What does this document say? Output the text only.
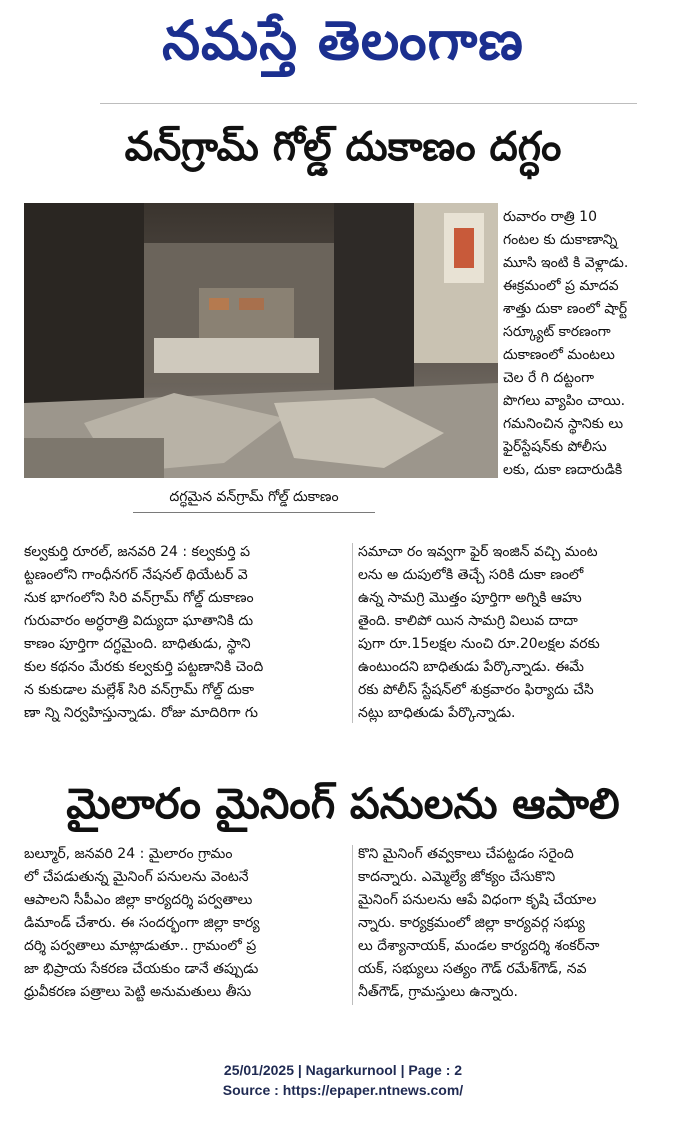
నమస్తే తెలంగాణ
వన్‌గ్రామ్ గోల్డ్ దుకాణం దగ్ధం
దగ్ధమైన వన్‌గ్రామ్ గోల్డ్ దుకాణం
రువారం రాత్రి 10
గంటల కు దుకాణాన్ని
మూసి ఇంటి కి వెళ్లాడు.
ఈక్రమంలో ప్ర మాదవ
శాత్తు దుకా ణంలో షార్ట్
సర్క్యూట్ కారణంగా
దుకాణంలో మంటలు
చెల రే గి దట్టంగా
పొగలు వ్యాపిం చాయి.
గమనించిన స్థానికు లు
ఫైర్‌స్టేషన్‌కు పోలీసు
లకు, దుకా ణదారుడికి
కల్వకుర్తి రూరల్, జనవరి 24 : కల్వకుర్తి ప
ట్టణంలోని గాంధీనగర్ నేషనల్ థియేటర్ వె
నుక భాగంలోని సిరి వన్‌గ్రామ్ గోల్డ్ దుకాణం
గురువారం అర్ధరాత్రి విద్యుదా ఘాతానికి దు
కాణం పూర్తిగా దగ్ధమైంది. బాధితుడు, స్థాని
కుల కథనం మేరకు కల్వకుర్తి పట్టణానికి చెంది
న కుకుడాల మల్లేశ్ సిరి వన్‌గ్రామ్ గోల్డ్ దుకా
ణా న్ని నిర్వహిస్తున్నాడు. రోజు మాదిరిగా గు
సమాచా రం ఇవ్వగా ఫైర్ ఇంజిన్ వచ్చి మంట
లను అ దుపులోకి తెచ్చే సరికి దుకా ణంలో
ఉన్న సామగ్రి మొత్తం పూర్తిగా అగ్నికి ఆహు
తైంది. కాలిపో యిన సామగ్రి విలువ దాదా
పుగా రూ.15లక్షల నుంచి రూ.20లక్షల వరకు
ఉంటుందని బాధితుడు పేర్కొన్నాడు. ఈమే
రకు పోలీస్ స్టేషన్‌లో శుక్రవారం ఫిర్యాదు చేసి
నట్లు బాధితుడు పేర్కొన్నాడు.
మైలారం మైనింగ్ పనులను ఆపాలి
బల్మూర్, జనవరి 24 : మైలారం గ్రామం
లో చేపడుతున్న మైనింగ్ పనులను వెంటనే
ఆపాలని సీపీఎం జిల్లా కార్యదర్శి పర్వతాలు
డిమాండ్ చేశారు. ఈ సందర్భంగా జిల్లా కార్య
దర్శి పర్వతాలు మాట్లాడుతూ.. గ్రామంలో ప్ర
జా భిప్రాయ సేకరణ చేయకుం డానే తప్పుడు
ధ్రువీకరణ పత్రాలు పెట్టి అనుమతులు తీసు
కొని మైనింగ్ తవ్వకాలు చేపట్టడం సరైంది
కాదన్నారు. ఎమ్మెల్యే జోక్యం చేసుకొని
మైనింగ్ పనులను ఆపే విధంగా కృషి చేయాల
న్నారు. కార్యక్రమంలో జిల్లా కార్యవర్గ సభ్యు
లు దేశ్యానాయక్, మండల కార్యదర్శి శంకర్‌నా
యక్, సభ్యులు సత్యం గౌడ్ రమేశ్‌గౌడ్, నవ
నీత్‌గౌడ్, గ్రామస్తులు ఉన్నారు.
25/01/2025 | Nagarkurnool | Page : 2
Source : https://epaper.ntnews.com/
